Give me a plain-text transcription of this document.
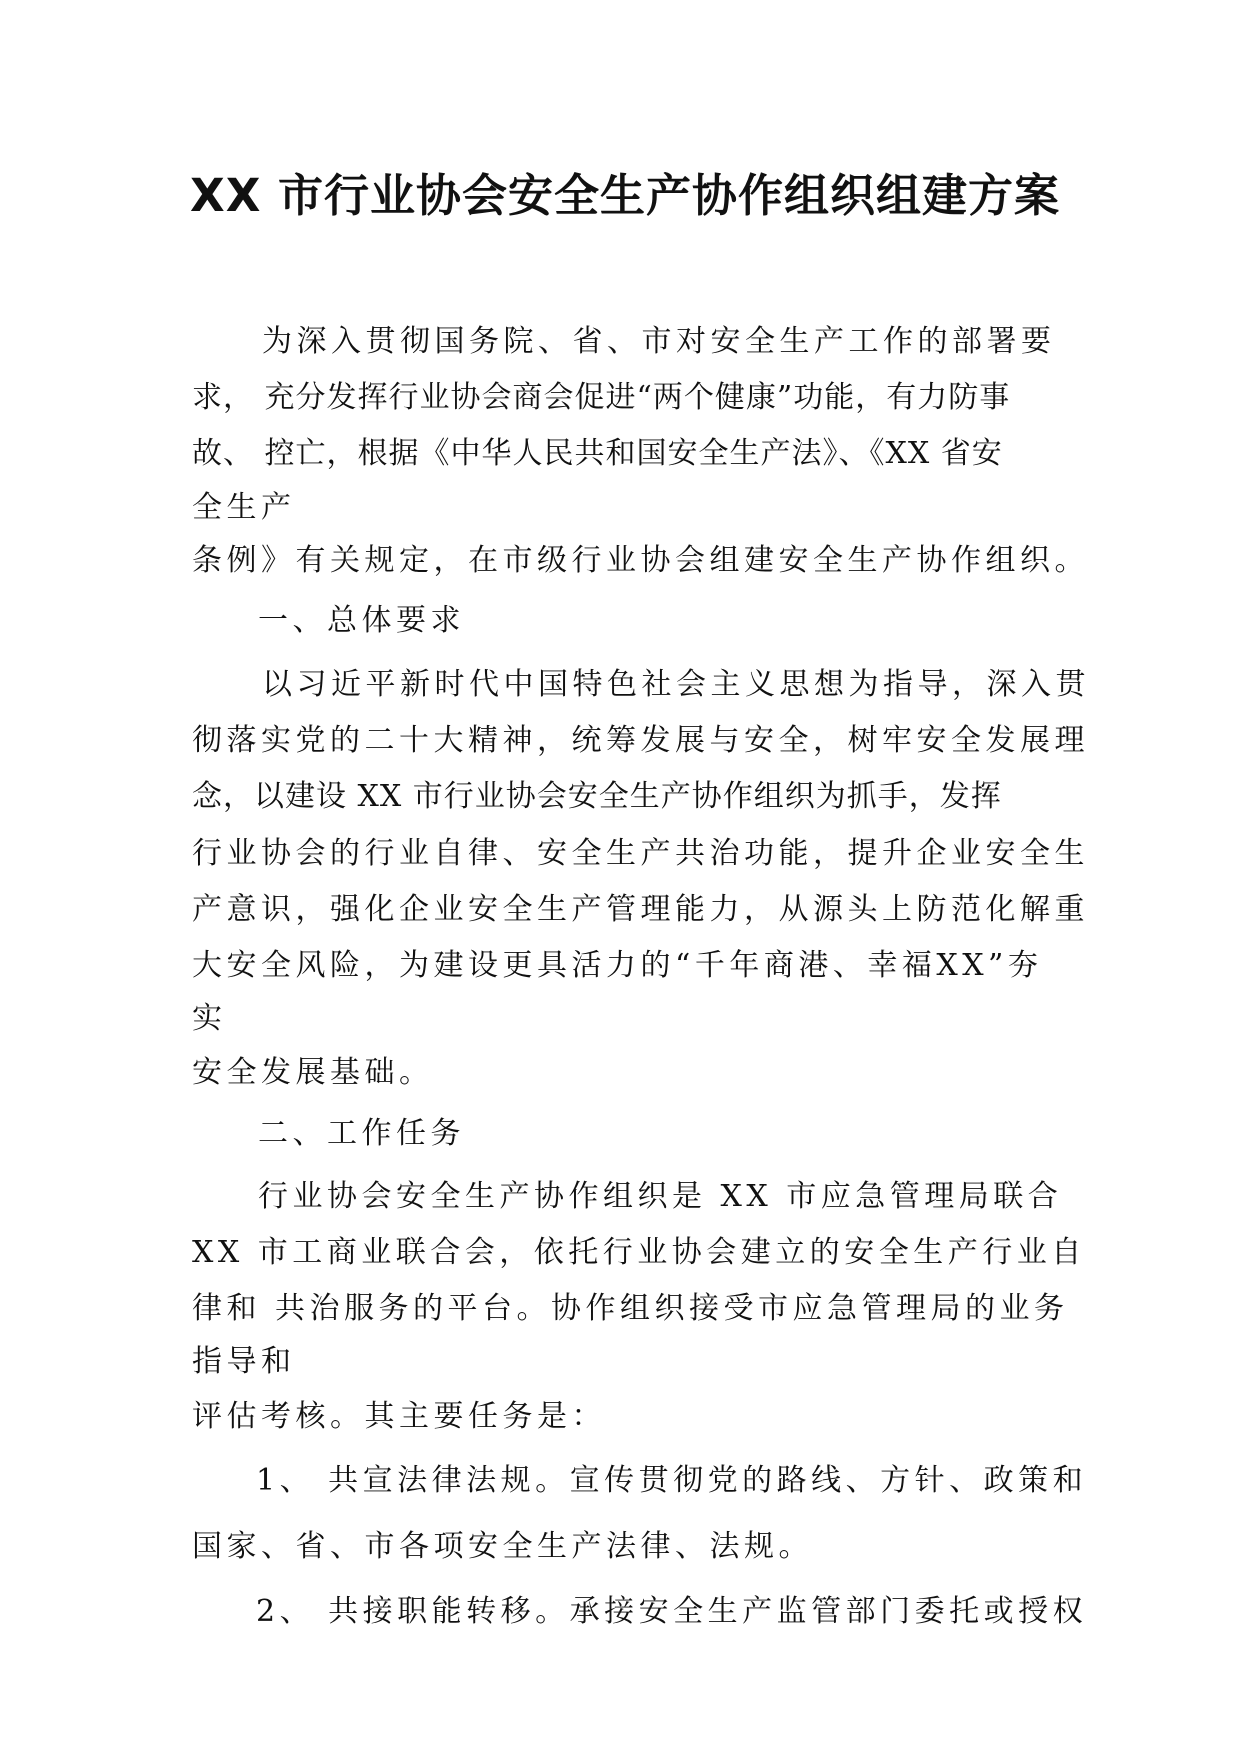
XX 市行业协会安全生产协作组织组建方案
为深入贯彻国务院、省、市对安全生产工作的部署要
求， 充分发挥行业协会商会促进“两个健康”功能，有力防事
故、 控亡，根据《中华人民共和国安全生产法》、《XX 省安
全生产
条例》有关规定，在市级行业协会组建安全生产协作组织。
一、总体要求
以习近平新时代中国特色社会主义思想为指导，深入贯
彻落实党的二十大精神，统筹发展与安全，树牢安全发展理
念，以建设 XX 市行业协会安全生产协作组织为抓手，发挥
行业协会的行业自律、安全生产共治功能，提升企业安全生
产意识，强化企业安全生产管理能力，从源头上防范化解重
大安全风险，为建设更具活力的“千年商港、幸福XX”夯
实
安全发展基础。
二、工作任务
行业协会安全生产协作组织是 XX 市应急管理局联合
XX 市工商业联合会，依托行业协会建立的安全生产行业自
律和 共治服务的平台。协作组织接受市应急管理局的业务
指导和
评估考核。其主要任务是：
1、 共宣法律法规。宣传贯彻党的路线、方针、政策和
国家、省、市各项安全生产法律、法规。
2、 共接职能转移。承接安全生产监管部门委托或授权
